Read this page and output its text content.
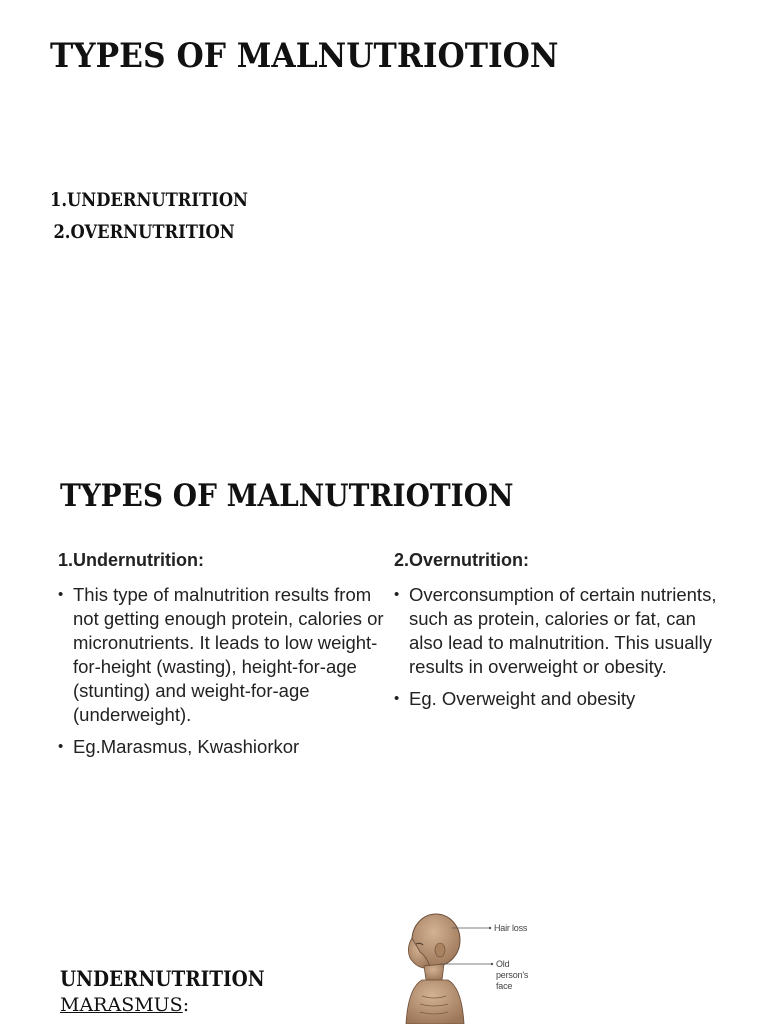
TYPES OF MALNUTRIOTION
1.UNDERNUTRITION
2.OVERNUTRITION
TYPES OF MALNUTRIOTION

1.Undernutrition:

• This type of malnutrition results from not getting enough protein, calories or micronutrients. It leads to low weight-for-height (wasting), height-for-age (stunting) and weight-for-age (underweight).
• Eg.Marasmus, Kwashiorkor

2.Overnutrition:

• Overconsumption of certain nutrients, such as protein, calories or fat, can also lead to malnutrition. This usually results in overweight or obesity.
• Eg. Overweight and obesity
UNDERNUTRITION

MARASMUS:

Hair loss
Old
person's
face
